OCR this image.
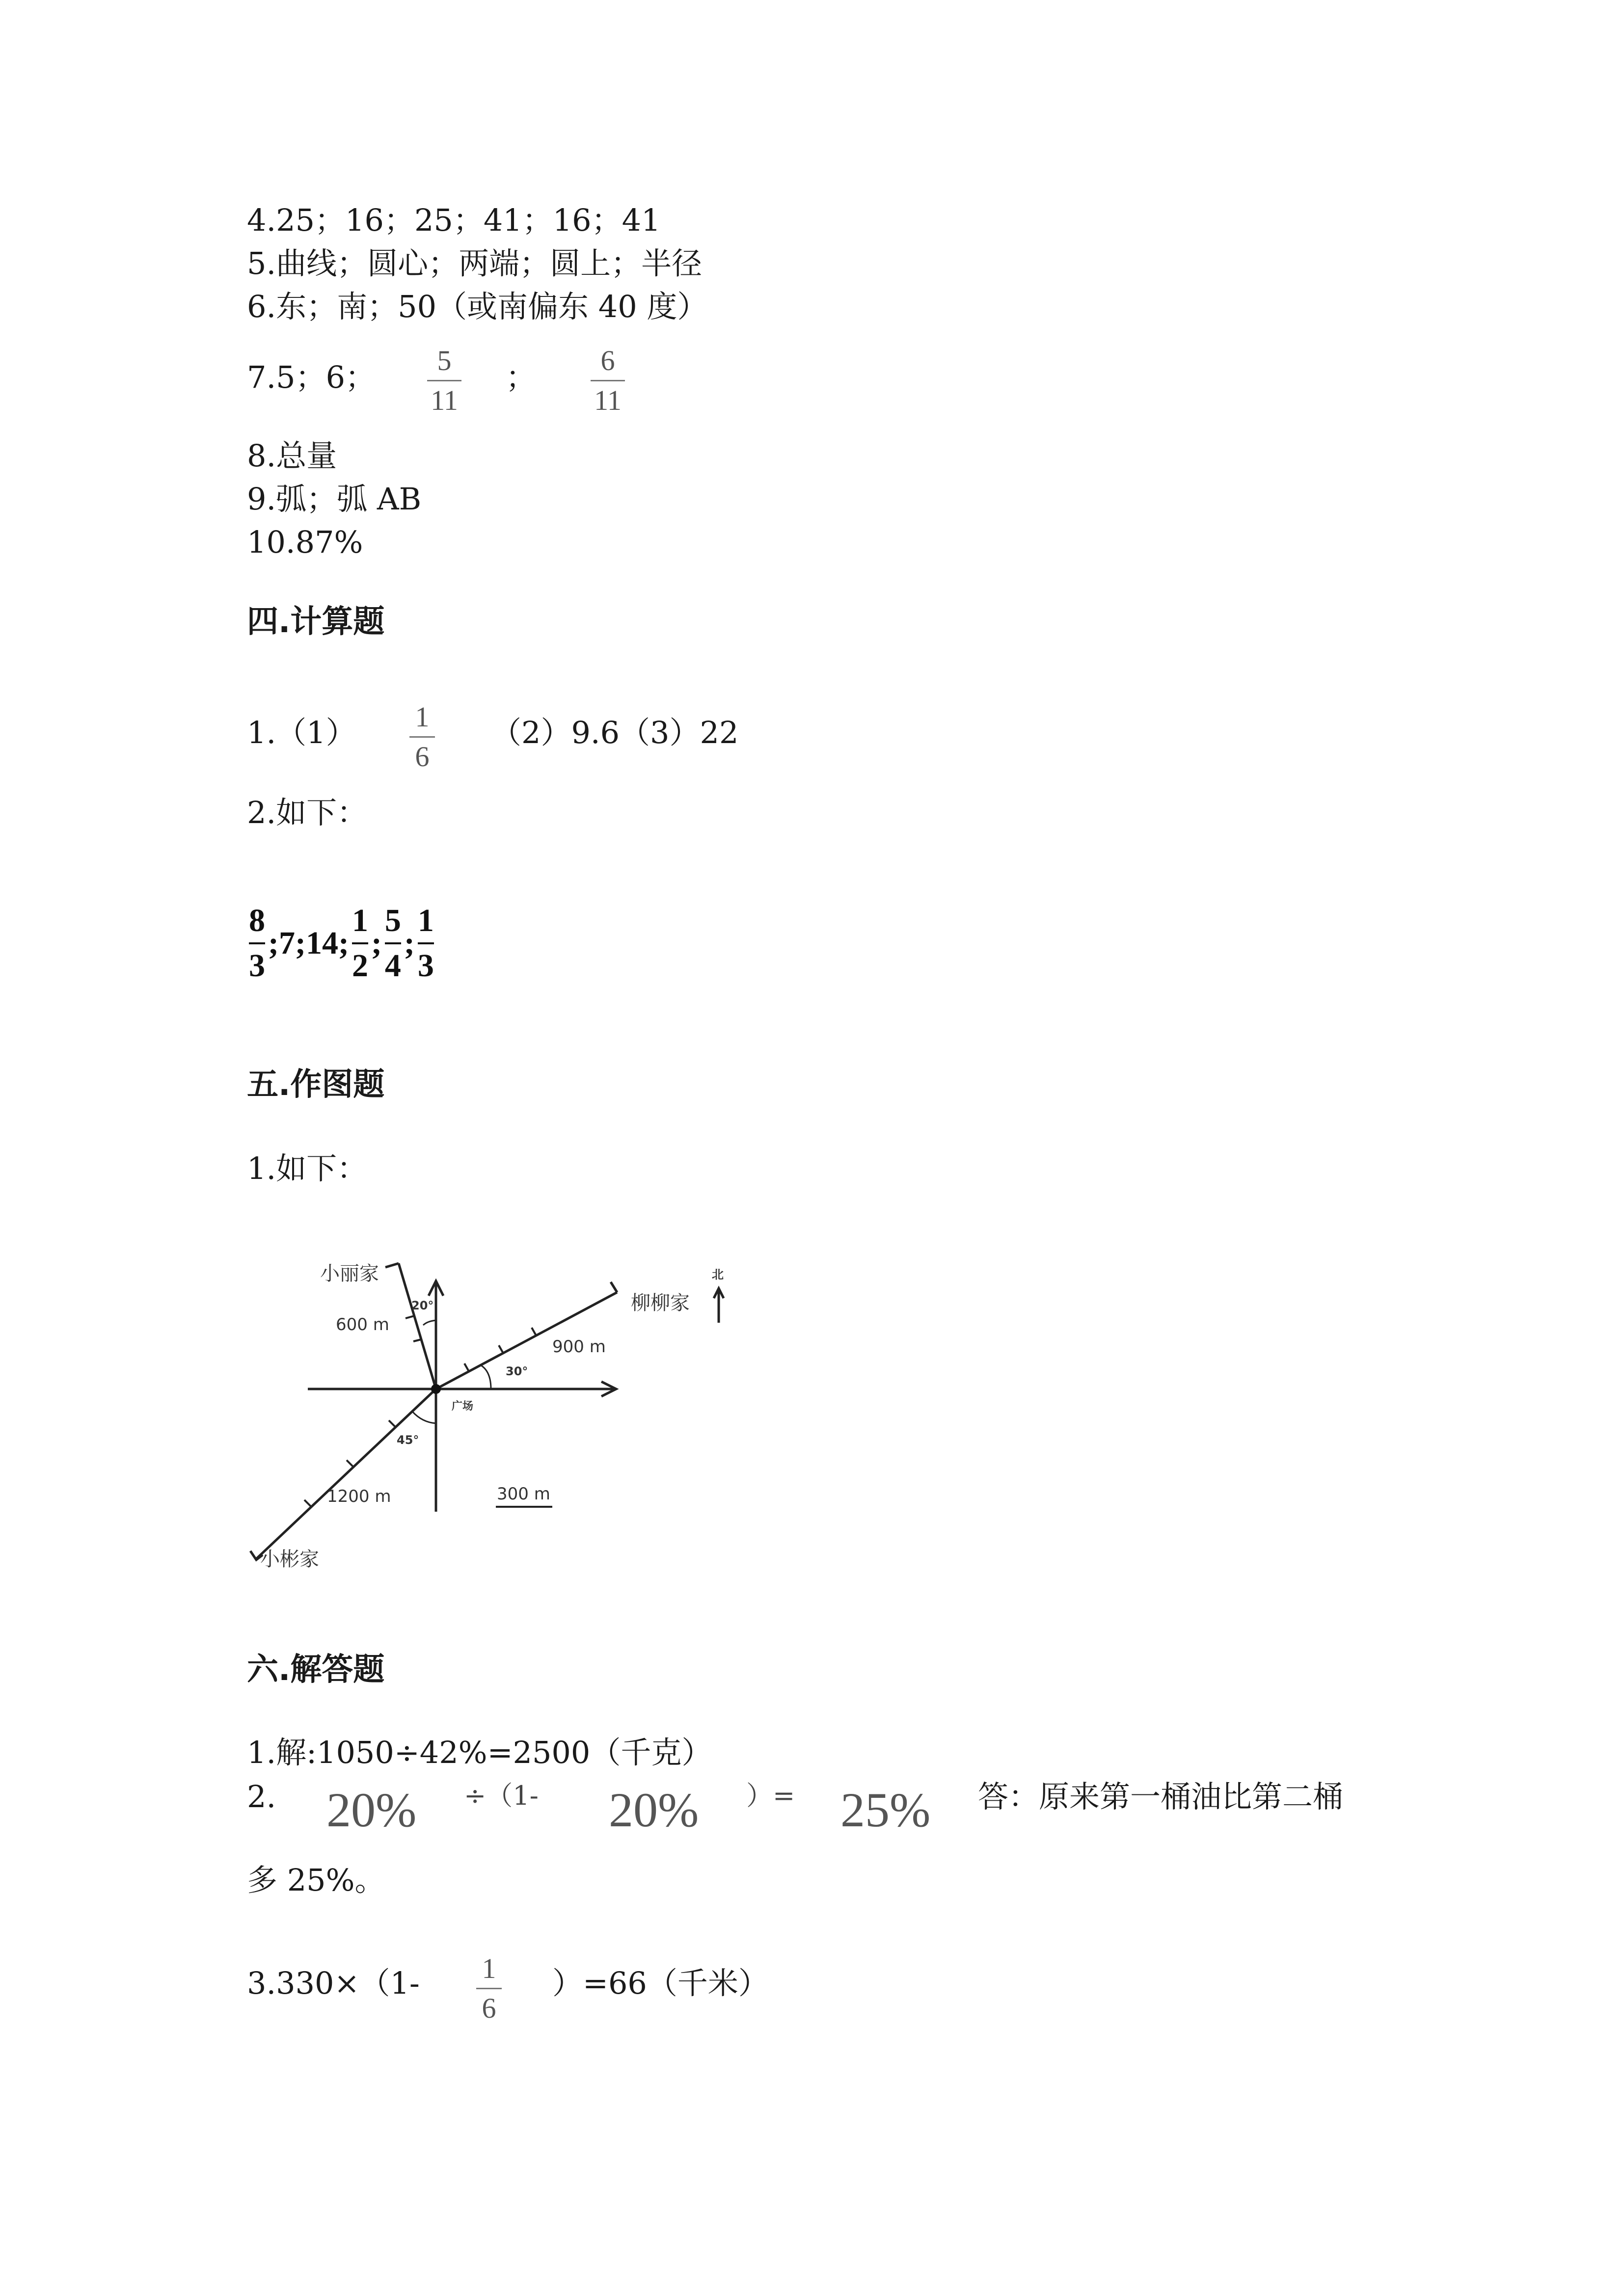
4.25；16；25；41；16；41
5.曲线；圆心；两端；圆上；半径
6.东；南；50（或南偏东 40 度）
7.5；6； 5
11
； 6
11
8.总量
9.弧；弧 AB
10.87%
四.计算题
1.（1） 1
6
（2）9.6（3）22
2.如下：
8
3
;7;14;
1
2
;
5
4
;
1
3
五.作图题
1.如下：
小丽家
柳柳家
小彬家
广场
北
600 m
900 m
1200 m
20°
30°
45°
300 m
六.解答题
1.解:1050÷42%=2500（千克）
2. 20% ÷（1- 20% ）= 25% 答：原来第一桶油比第二桶
多 25%。
3.330×（1- 1
6
）=66（千米）
